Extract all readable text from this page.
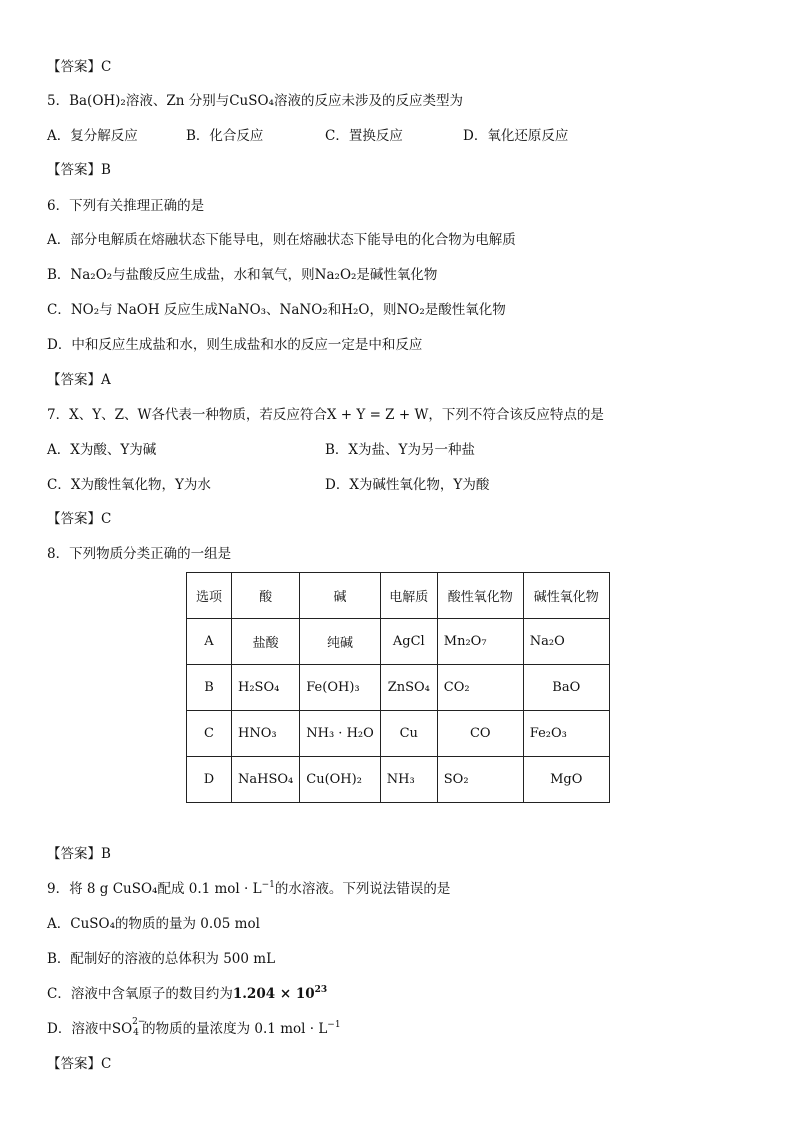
【答案】C
5．Ba(OH)₂溶液、Zn 分别与CuSO₄溶液的反应未涉及的反应类型为
A．复分解反应	B．化合反应	C．置换反应	D．氧化还原反应
【答案】B
6．下列有关推理正确的是
A．部分电解质在熔融状态下能导电，则在熔融状态下能导电的化合物为电解质
B．Na₂O₂与盐酸反应生成盐，水和氧气，则Na₂O₂是碱性氧化物
C．NO₂与 NaOH 反应生成NaNO₃、NaNO₂和H₂O，则NO₂是酸性氧化物
D．中和反应生成盐和水，则生成盐和水的反应一定是中和反应
【答案】A
7．X、Y、Z、W各代表一种物质，若反应符合X + Y = Z + W，下列不符合该反应特点的是
A．X为酸、Y为碱	B．X为盐、Y为另一种盐
C．X为酸性氧化物，Y为水	D．X为碱性氧化物，Y为酸
【答案】C
8．下列物质分类正确的一组是
选项	酸	碱	电解质	酸性氧化物	碱性氧化物
A	盐酸	纯碱	AgCl	Mn₂O₇	Na₂O
B	H₂SO₄	Fe(OH)₃	ZnSO₄	CO₂	BaO
C	HNO₃	NH₃ · H₂O	Cu	CO	Fe₂O₃
D	NaHSO₄	Cu(OH)₂	NH₃	SO₂	MgO
【答案】B
9．将 8 g CuSO₄配成 0.1 mol · $L^{-1}$的水溶液。下列说法错误的是
A．CuSO₄的物质的量为 0.05 mol
B．配制好的溶液的总体积为 500 mL
C．溶液中含氧原子的数目约为$1.204 \times 10^{23}$
D．溶液中SO 2−
4 的物质的量浓度为 0.1 mol · $L^{-1}$
【答案】C
